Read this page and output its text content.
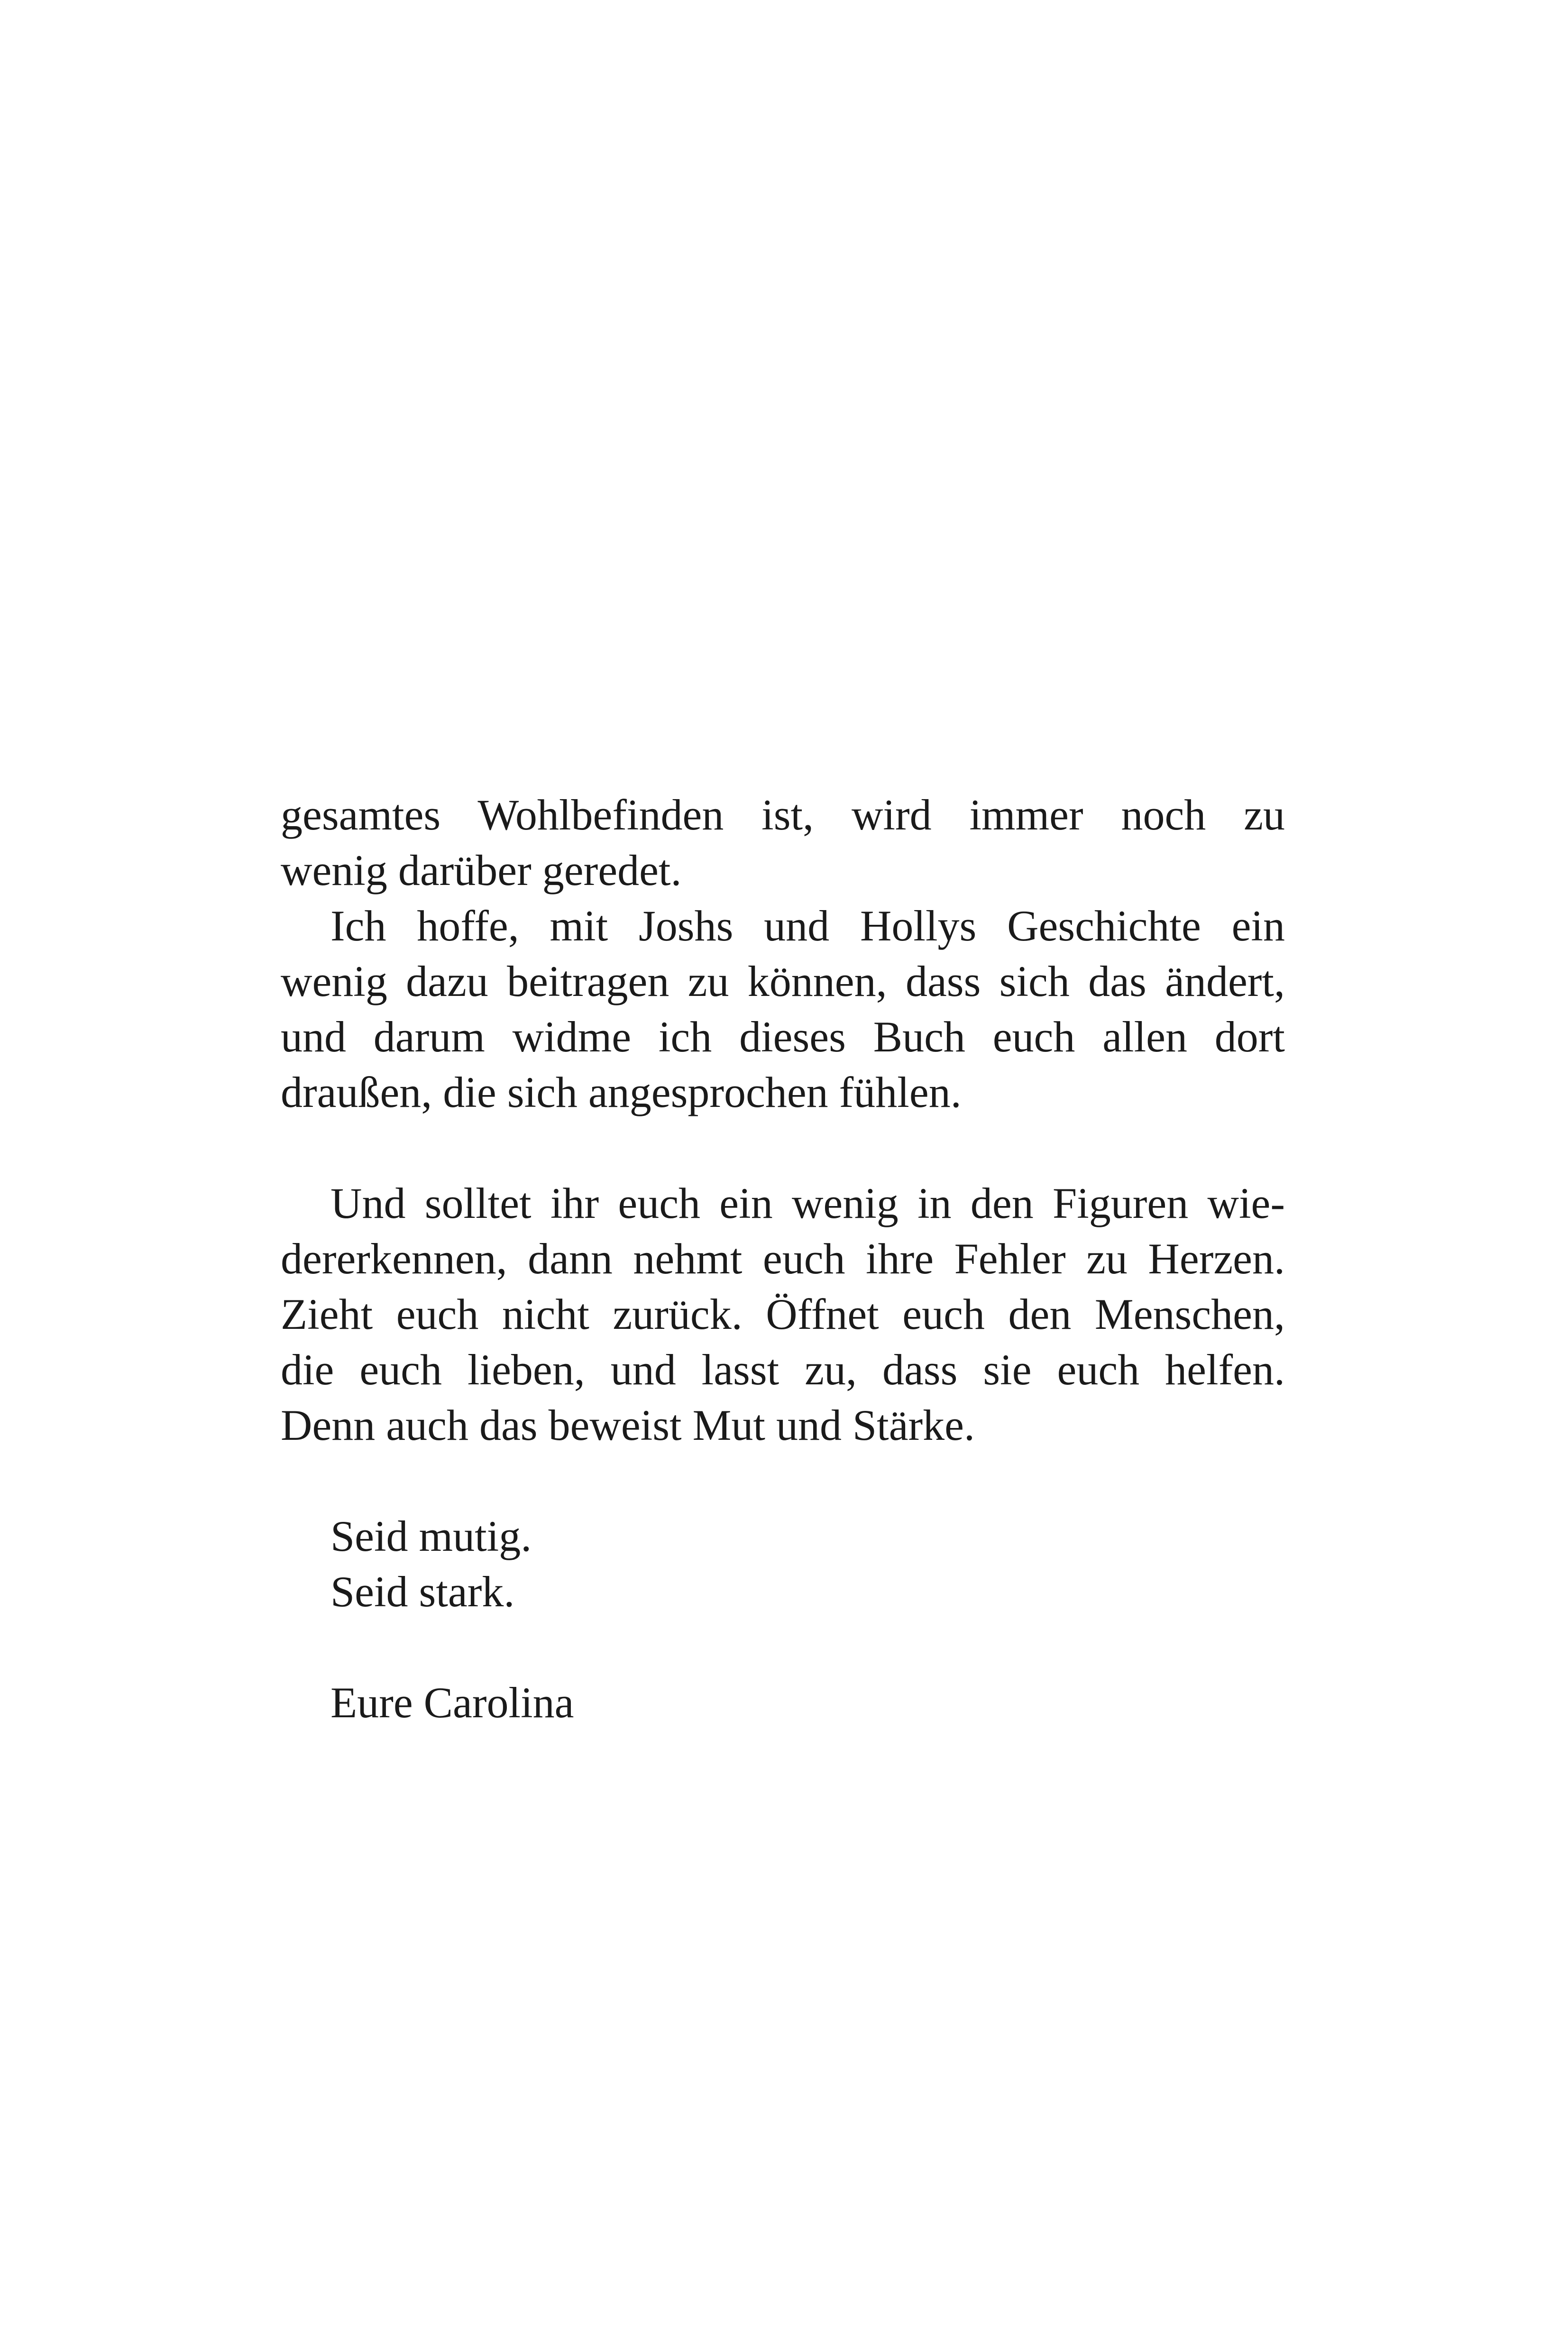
gesamtes Wohlbefinden ist, wird immer noch zu
wenig darüber geredet.
Ich hoffe, mit Joshs und Hollys Geschichte ein
wenig dazu beitragen zu können, dass sich das ändert,
und darum widme ich dieses Buch euch allen dort
draußen, die sich angesprochen fühlen.
Und solltet ihr euch ein wenig in den Figuren wie-
dererkennen, dann nehmt euch ihre Fehler zu Herzen.
Zieht euch nicht zurück. Öffnet euch den Menschen,
die euch lieben, und lasst zu, dass sie euch helfen.
Denn auch das beweist Mut und Stärke.
Seid mutig.
Seid stark.
Eure Carolina
